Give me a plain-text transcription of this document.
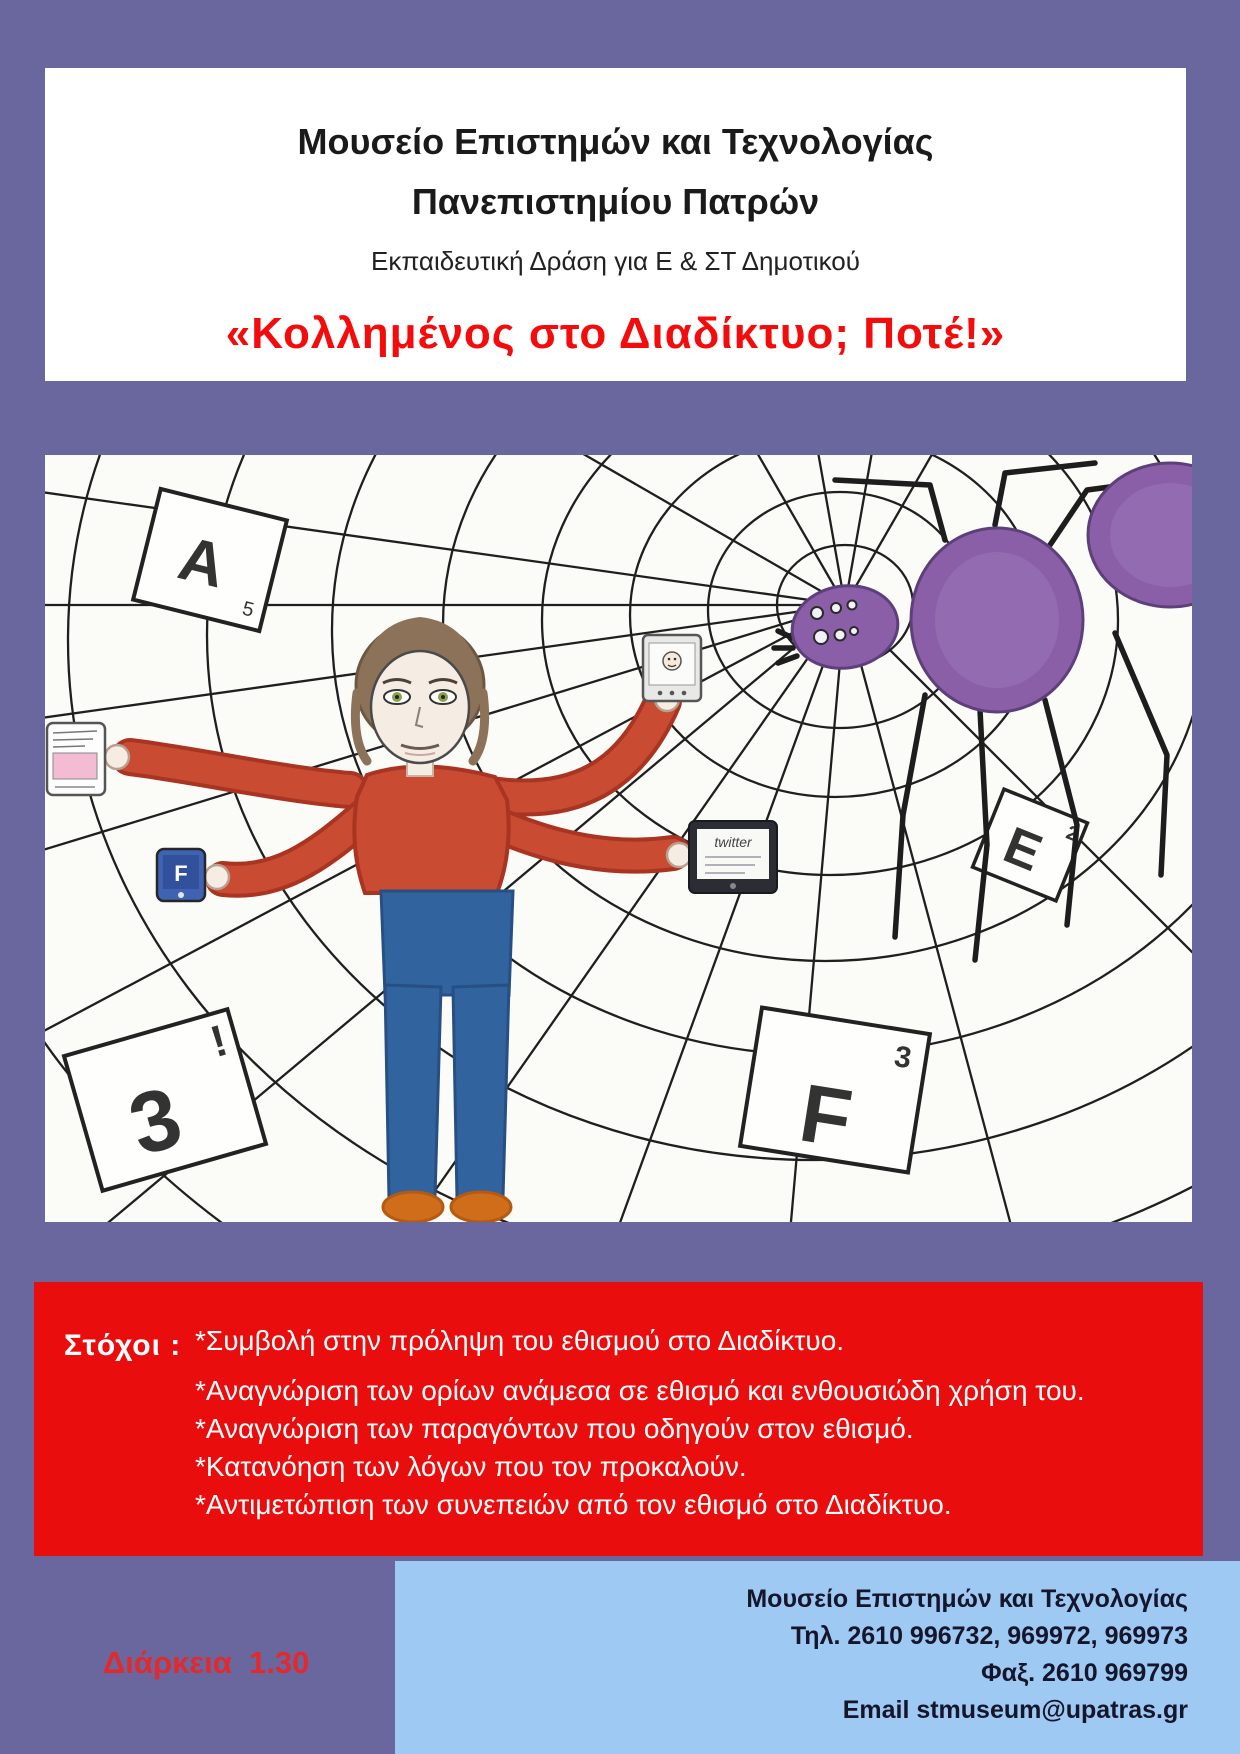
Μουσείο Επιστημών και Τεχνολογίας
Πανεπιστημίου Πατρών
Εκπαιδευτική Δράση για Ε & ΣΤ Δημοτικού
«Κολλημένος στο Διαδίκτυο; Ποτέ!»
A
5
3
!
F
3
E 2
F
twitter
Στόχοι : *Συμβολή στην πρόληψη του εθισμού στο Διαδίκτυο.

*Αναγνώριση των ορίων ανάμεσα σε εθισμό και ενθουσιώδη χρήση του.

*Αναγνώριση των παραγόντων που οδηγούν στον εθισμό.

*Κατανόηση των λόγων που τον προκαλούν.

*Αντιμετώπιση των συνεπειών από τον εθισμό στο Διαδίκτυο.

Διάρκεια  1.30

Μουσείο Επιστημών και Τεχνολογίας

Τηλ. 2610 996732, 969972, 969973

Φαξ. 2610 969799

Email stmuseum@upatras.gr
